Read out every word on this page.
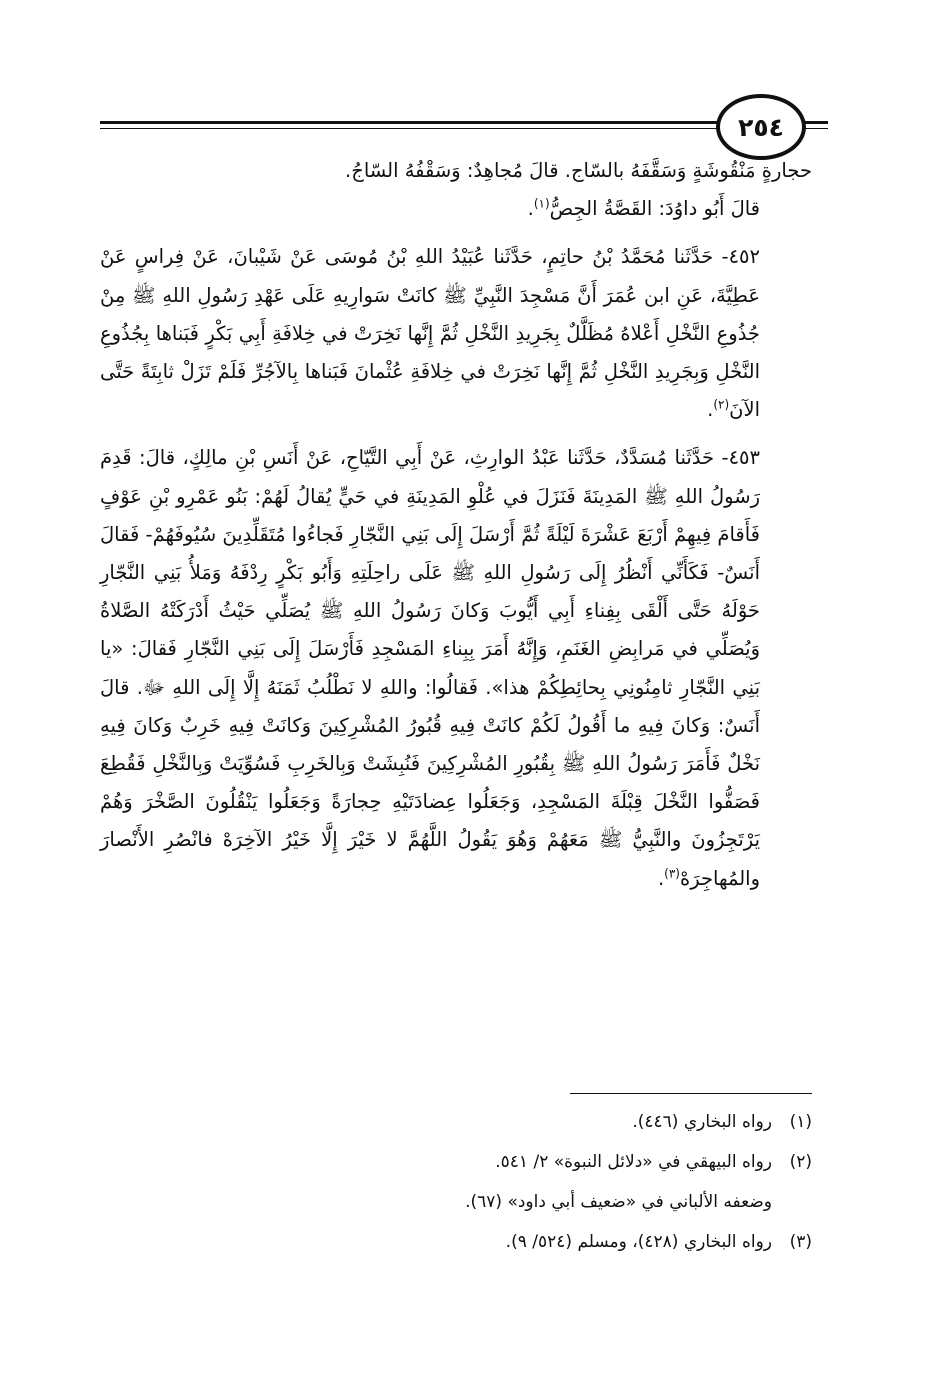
٢٥٤

حجارةٍ مَنْقُوشَةٍ وَسَقَّفَهُ بالسّاج. قالَ مُجاهِدٌ: وَسَقْفُهُ السّاجُ.

قالَ أَبُو داوُدَ: القَصَّةُ الجِصُّ$^{(١)}$.

٤٥٢- حَدَّثَنا مُحَمَّدُ بْنُ حاتِمٍ، حَدَّثَنا عُبَيْدُ اللهِ بْنُ مُوسَى عَنْ شَيْبانَ، عَنْ فِراسٍ عَنْ عَطِيَّةَ، عَنِ ابن عُمَرَ أَنَّ مَسْجِدَ النَّبِيِّ ﷺ كانَتْ سَوارِيهِ عَلَى عَهْدِ رَسُولِ اللهِ ﷺ مِنْ جُذُوعِ النَّخْلِ أَعْلاهُ مُظَلَّلٌ بِجَرِيدِ النَّخْلِ ثُمَّ إِنَّها نَخِرَتْ في خِلافَةِ أَبِي بَكْرٍ فَبَناها بِجُذُوعِ النَّخْلِ وَبِجَرِيدِ النَّخْلِ ثُمَّ إِنَّها نَخِرَتْ في خِلافَةِ عُثْمانَ فَبَناها بِالآجُرِّ فَلَمْ تَزَلْ ثابِتَةً حَتَّى الآنَ$^{(٢)}$.

٤٥٣- حَدَّثَنا مُسَدَّدٌ، حَدَّثَنا عَبْدُ الوارِثِ، عَنْ أَبِي التَّيّاحِ، عَنْ أَنَسِ بْنِ مالِكٍ، قالَ: قَدِمَ رَسُولُ اللهِ ﷺ المَدِينَةَ فَنَزَلَ في عُلْوِ المَدِينَةِ في حَيٍّ يُقالُ لَهُمْ: بَنُو عَمْرِو بْنِ عَوْفٍ فَأَقامَ فِيهِمْ أَرْبَعَ عَشْرَةَ لَيْلَةً ثُمَّ أَرْسَلَ إِلَى بَنِي النَّجّارِ فَجاءُوا مُتَقَلِّدِينَ سُيُوفَهُمْ- فَقالَ أَنَسٌ- فَكَأَنِّي أَنْظُرُ إِلَى رَسُولِ اللهِ ﷺ عَلَى راحِلَتِهِ وَأَبُو بَكْرٍ رِدْفَهُ وَمَلأُ بَنِي النَّجّارِ حَوْلَهُ حَتَّى أَلْقَى بِفِناءِ أَبِي أَيُّوبَ وَكانَ رَسُولُ اللهِ ﷺ يُصَلِّي حَيْثُ أَدْرَكَتْهُ الصَّلاةُ وَيُصَلِّي في مَرابِضِ الغَنَمِ، وَإِنَّهُ أَمَرَ بِبِناءِ المَسْجِدِ فَأَرْسَلَ إِلَى بَنِي النَّجّارِ فَقالَ: «يا بَنِي النَّجّارِ ثامِنُونِي بِحائِطِكُمْ هذا». فَقالُوا: واللهِ لا نَطْلُبُ ثَمَنَهُ إِلَّا إِلَى اللهِ ﷻ. قالَ أَنَسٌ: وَكانَ فِيهِ ما أَقُولُ لَكُمْ كانَتْ فِيهِ قُبُورُ المُشْرِكِينَ وَكانَتْ فِيهِ خَرِبٌ وَكانَ فِيهِ نَخْلٌ فَأَمَرَ رَسُولُ اللهِ ﷺ بِقُبُورِ المُشْرِكِينَ فَنُبِشَتْ وَبِالخَرِبِ فَسُوِّيَتْ وَبِالنَّخْلِ فَقُطِعَ فَصَفُّوا النَّخْلَ قِبْلَةَ المَسْجِدِ، وَجَعَلُوا عِضادَتَيْهِ حِجارَةً وَجَعَلُوا يَنْقُلُونَ الصَّخْرَ وَهُمْ يَرْتَجِزُونَ والنَّبِيُّ ﷺ مَعَهُمْ وَهُوَ يَقُولُ اللَّهُمَّ لا خَيْرَ إِلَّا خَيْرُ الآخِرَهْ فانْصُرِ الأَنْصارَ والمُهاجِرَهْ$^{(٣)}$.

(١)رواه البخاري (٤٤٦).
(٢)رواه البيهقي في «دلائل النبوة» ٢/ ٥٤١.
وضعفه الألباني في «ضعيف أبي داود» (٦٧).
(٣)رواه البخاري (٤٢٨)، ومسلم (٥٢٤/ ٩).
